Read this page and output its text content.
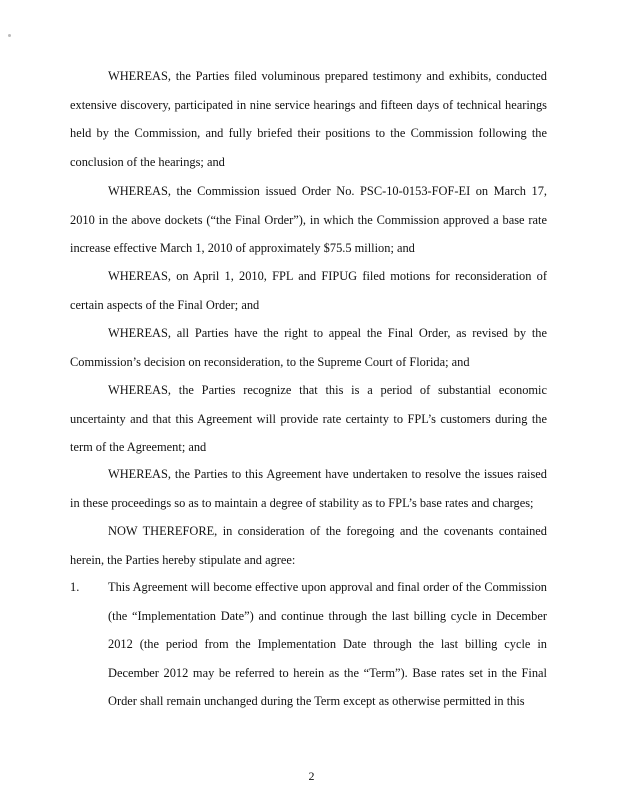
WHEREAS, the Parties filed voluminous prepared testimony and exhibits, conducted extensive discovery, participated in nine service hearings and fifteen days of technical hearings held by the Commission, and fully briefed their positions to the Commission following the conclusion of the hearings; and

WHEREAS, the Commission issued Order No. PSC-10-0153-FOF-EI on March 17, 2010 in the above dockets (“the Final Order”), in which the Commission approved a base rate increase effective March 1, 2010 of approximately $75.5 million; and

WHEREAS, on April 1, 2010, FPL and FIPUG filed motions for reconsideration of certain aspects of the Final Order; and

WHEREAS, all Parties have the right to appeal the Final Order, as revised by the Commission’s decision on reconsideration, to the Supreme Court of Florida; and

WHEREAS, the Parties recognize that this is a period of substantial economic uncertainty and that this Agreement will provide rate certainty to FPL’s customers during the term of the Agreement; and

WHEREAS, the Parties to this Agreement have undertaken to resolve the issues raised in these proceedings so as to maintain a degree of stability as to FPL’s base rates and charges;

NOW THEREFORE, in consideration of the foregoing and the covenants contained herein, the Parties hereby stipulate and agree:

1. This Agreement will become effective upon approval and final order of the Commission (the “Implementation Date”) and continue through the last billing cycle in December 2012 (the period from the Implementation Date through the last billing cycle in December 2012 may be referred to herein as the “Term”). Base rates set in the Final Order shall remain unchanged during the Term except as otherwise permitted in this
2
